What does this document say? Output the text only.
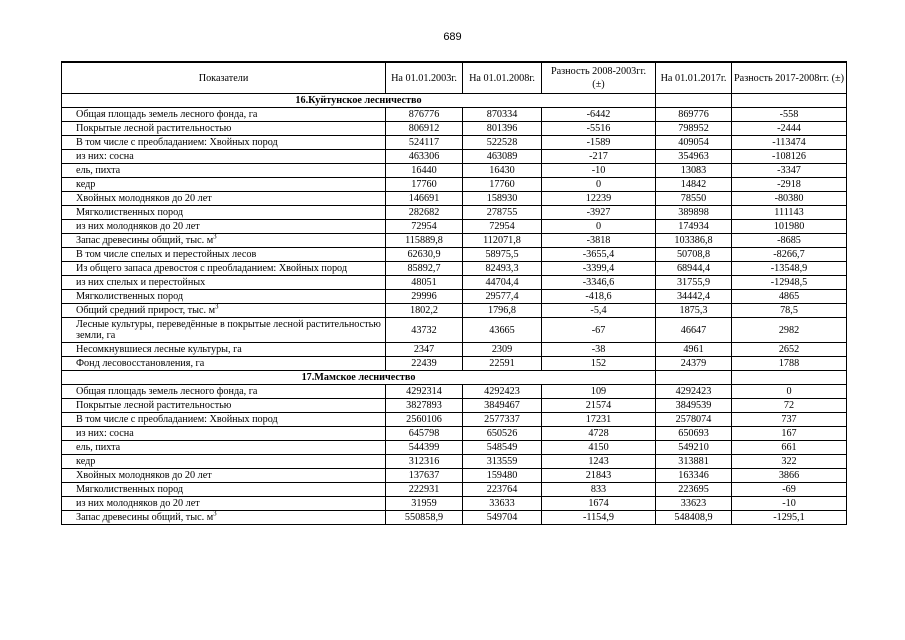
689
Показатели	На 01.01.2003г.	На 01.01.2008г.	Разность 2008-2003гг. (±)	На 01.01.2017г.	Разность 2017-2008гг. (±)
16.Куйтунское лесничество					
Общая площадь земель лесного фонда, га	876776	870334	-6442	869776	-558
Покрытые лесной растительностью	806912	801396	-5516	798952	-2444
В том числе с преобладанием: Хвойных пород	524117	522528	-1589	409054	-113474
из них: сосна	463306	463089	-217	354963	-108126
ель, пихта	16440	16430	-10	13083	-3347
кедр	17760	17760	0	14842	-2918
Хвойных молодняков до 20 лет	146691	158930	12239	78550	-80380
Мягколиственных пород	282682	278755	-3927	389898	111143
из них молодняков до 20 лет	72954	72954	0	174934	101980
Запас древесины общий, тыс. $м^3$	115889,8	112071,8	-3818	103386,8	-8685
В том числе спелых и перестойных лесов	62630,9	58975,5	-3655,4	50708,8	-8266,7
Из общего запаса древостоя с преобладанием: Хвойных пород	85892,7	82493,3	-3399,4	68944,4	-13548,9
из них спелых и перестойных	48051	44704,4	-3346,6	31755,9	-12948,5
Мягколиственных пород	29996	29577,4	-418,6	34442,4	4865
Общий средний прирост, тыс. $м^3$	1802,2	1796,8	-5,4	1875,3	78,5
Лесные культуры, переведённые в покрытые лесной растительностью земли, га	43732	43665	-67	46647	2982
Несомкнувшиеся лесные культуры, га	2347	2309	-38	4961	2652
Фонд лесовосстановления, га	22439	22591	152	24379	1788
17.Мамское лесничество					
Общая площадь земель лесного фонда, га	4292314	4292423	109	4292423	0
Покрытые лесной растительностью	3827893	3849467	21574	3849539	72
В том числе с преобладанием: Хвойных пород	2560106	2577337	17231	2578074	737
из них: сосна	645798	650526	4728	650693	167
ель, пихта	544399	548549	4150	549210	661
кедр	312316	313559	1243	313881	322
Хвойных молодняков до 20 лет	137637	159480	21843	163346	3866
Мягколиственных пород	222931	223764	833	223695	-69
из них молодняков до 20 лет	31959	33633	1674	33623	-10
Запас древесины общий, тыс. $м^3$	550858,9	549704	-1154,9	548408,9	-1295,1
